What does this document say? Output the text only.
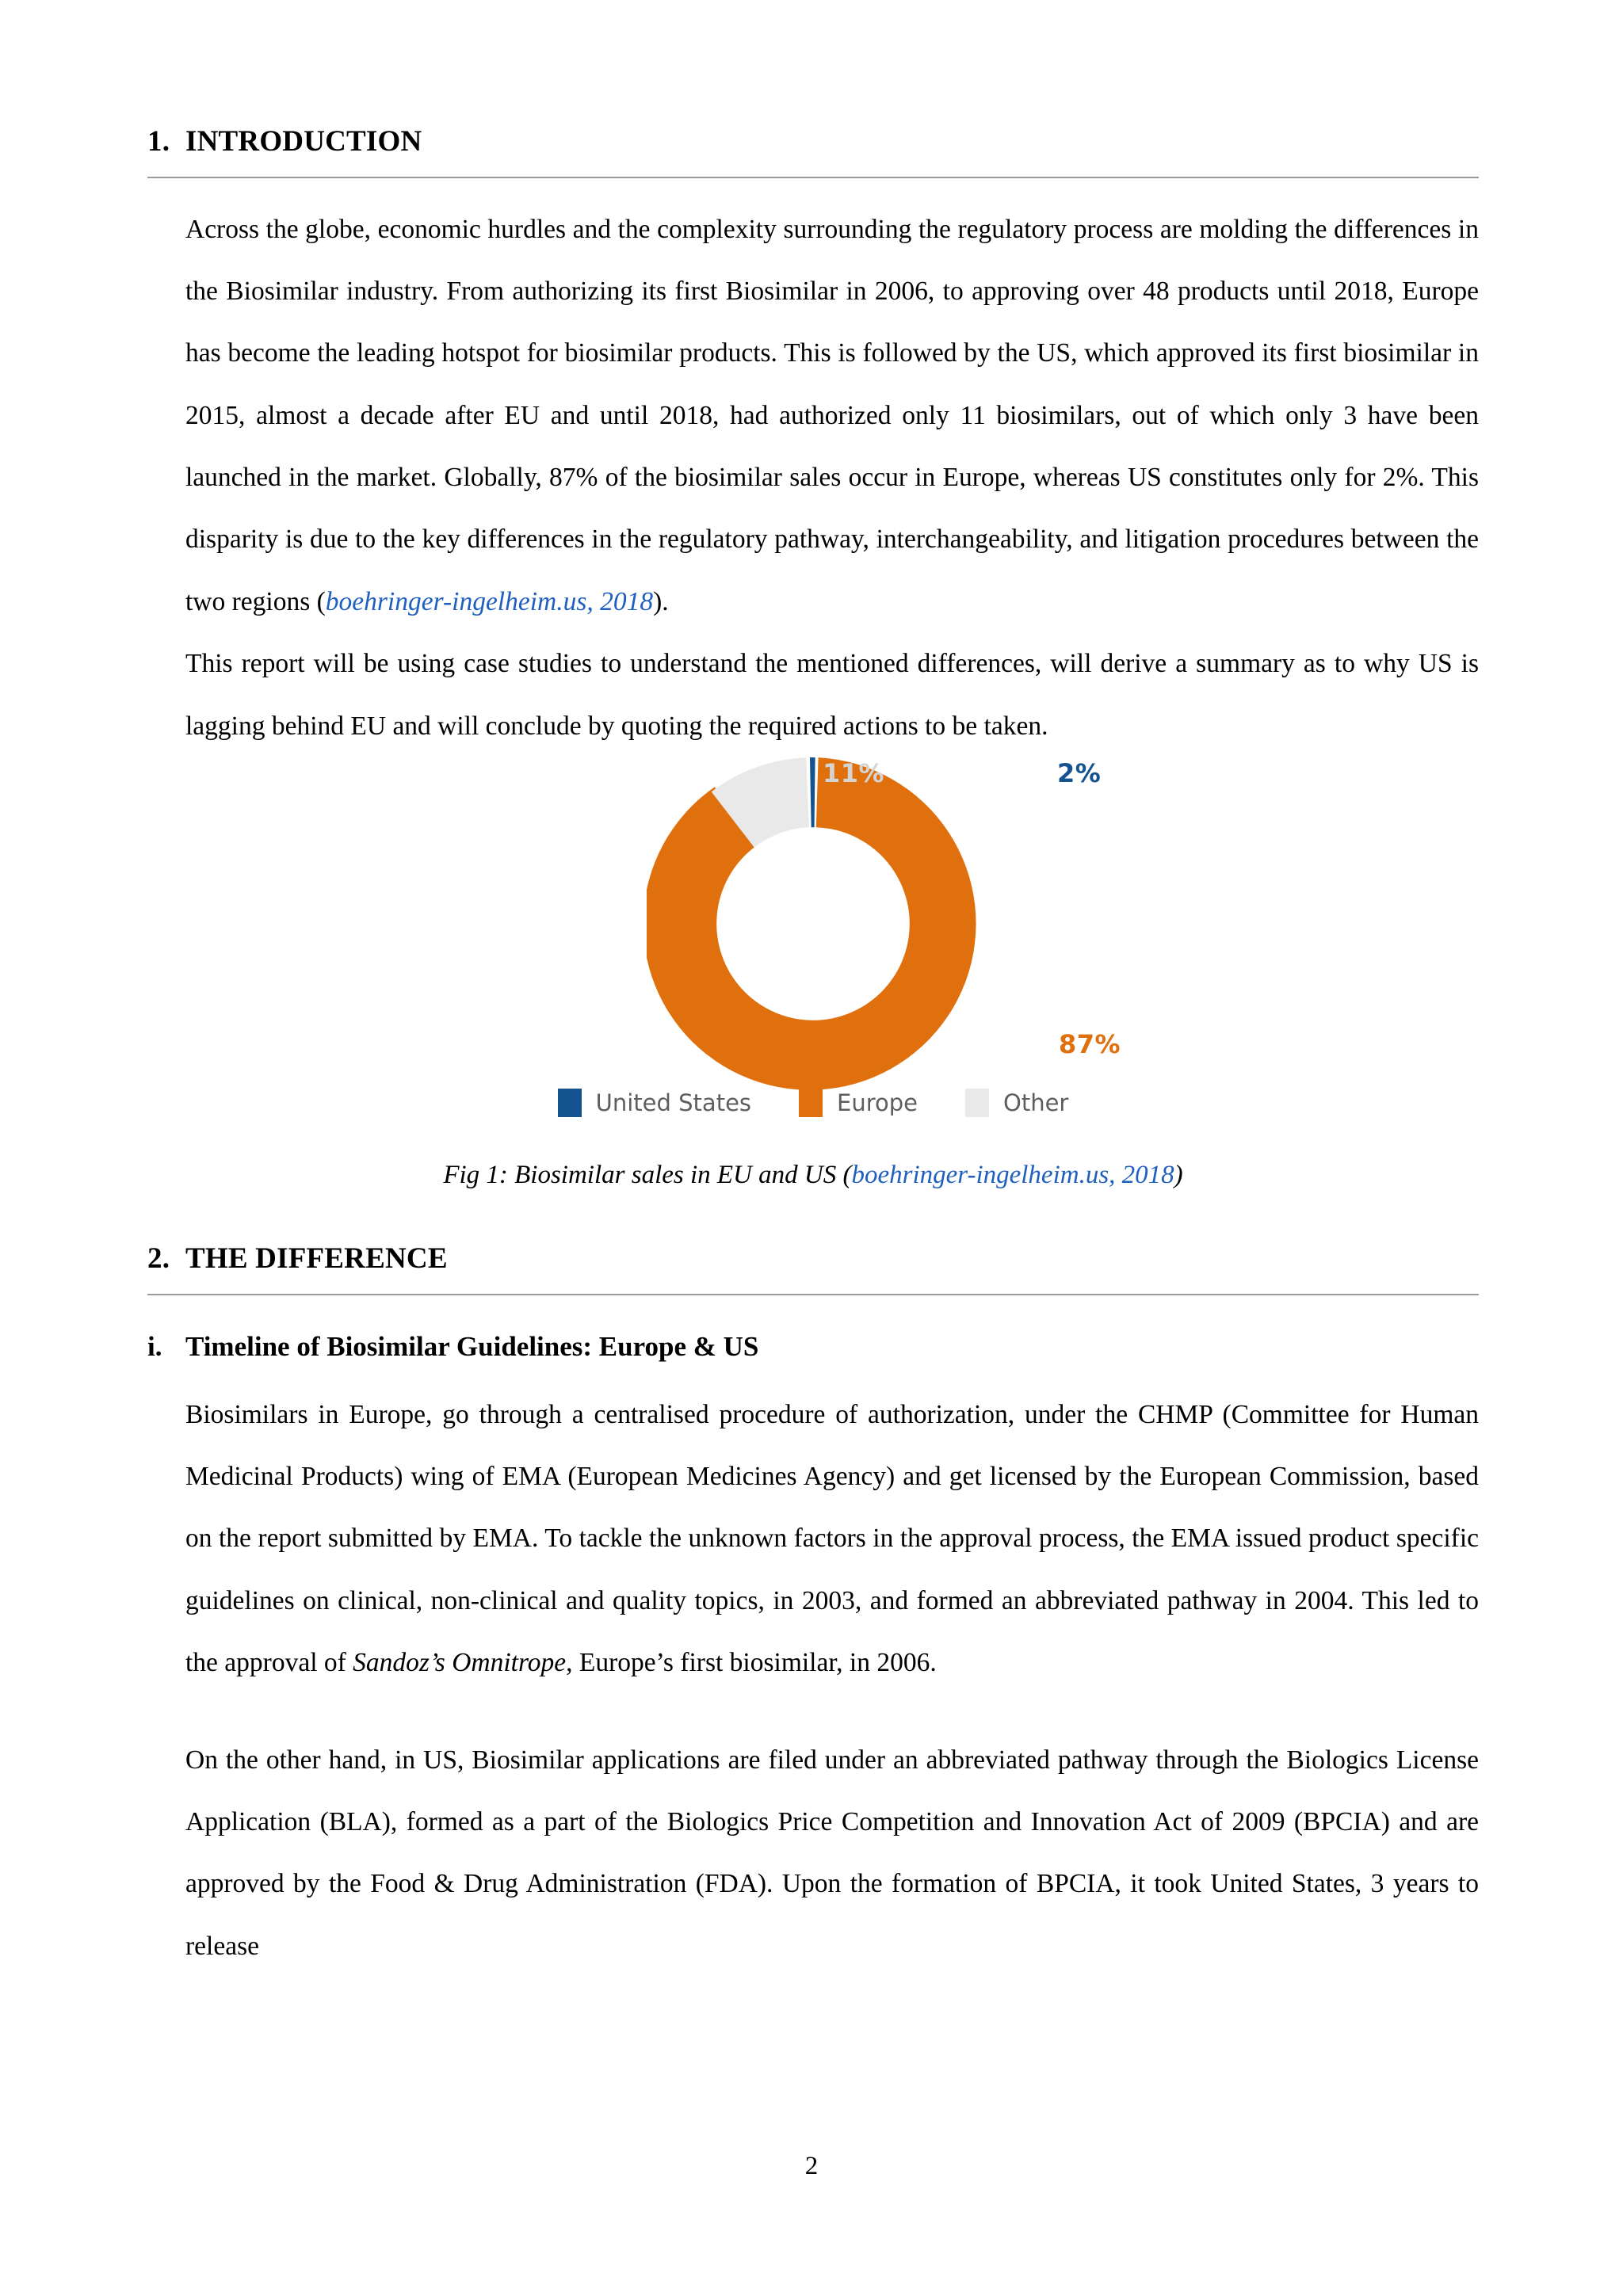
1. INTRODUCTION

Across the globe, economic hurdles and the complexity surrounding the regulatory process are molding the differences in the Biosimilar industry. From authorizing its first Biosimilar in 2006, to approving over 48 products until 2018, Europe has become the leading hotspot for biosimilar products. This is followed by the US, which approved its first biosimilar in 2015, almost a decade after EU and until 2018, had authorized only 11 biosimilars, out of which only 3 have been launched in the market. Globally, 87% of the biosimilar sales occur in Europe, whereas US constitutes only for 2%. This disparity is due to the key differences in the regulatory pathway, interchangeability, and litigation procedures between the two regions (boehringer-ingelheim.us, 2018).

This report will be using case studies to understand the mentioned differences, will derive a summary as to why US is lagging behind EU and will conclude by quoting the required actions to be taken.

11%	2%
87%
United States	Europe	Other
Fig 1: Biosimilar sales in EU and US (boehringer-ingelheim.us, 2018)
2. THE DIFFERENCE
i. Timeline of Biosimilar Guidelines: Europe & US

Biosimilars in Europe, go through a centralised procedure of authorization, under the CHMP (Committee for Human Medicinal Products) wing of EMA (European Medicines Agency) and get licensed by the European Commission, based on the report submitted by EMA. To tackle the unknown factors in the approval process, the EMA issued product specific guidelines on clinical, non-clinical and quality topics, in 2003, and formed an abbreviated pathway in 2004. This led to the approval of Sandoz’s Omnitrope, Europe’s first biosimilar, in 2006.

On the other hand, in US, Biosimilar applications are filed under an abbreviated pathway through the Biologics License Application (BLA), formed as a part of the Biologics Price Competition and Innovation Act of 2009 (BPCIA) and are approved by the Food & Drug Administration (FDA). Upon the formation of BPCIA, it took United States, 3 years to release

2
